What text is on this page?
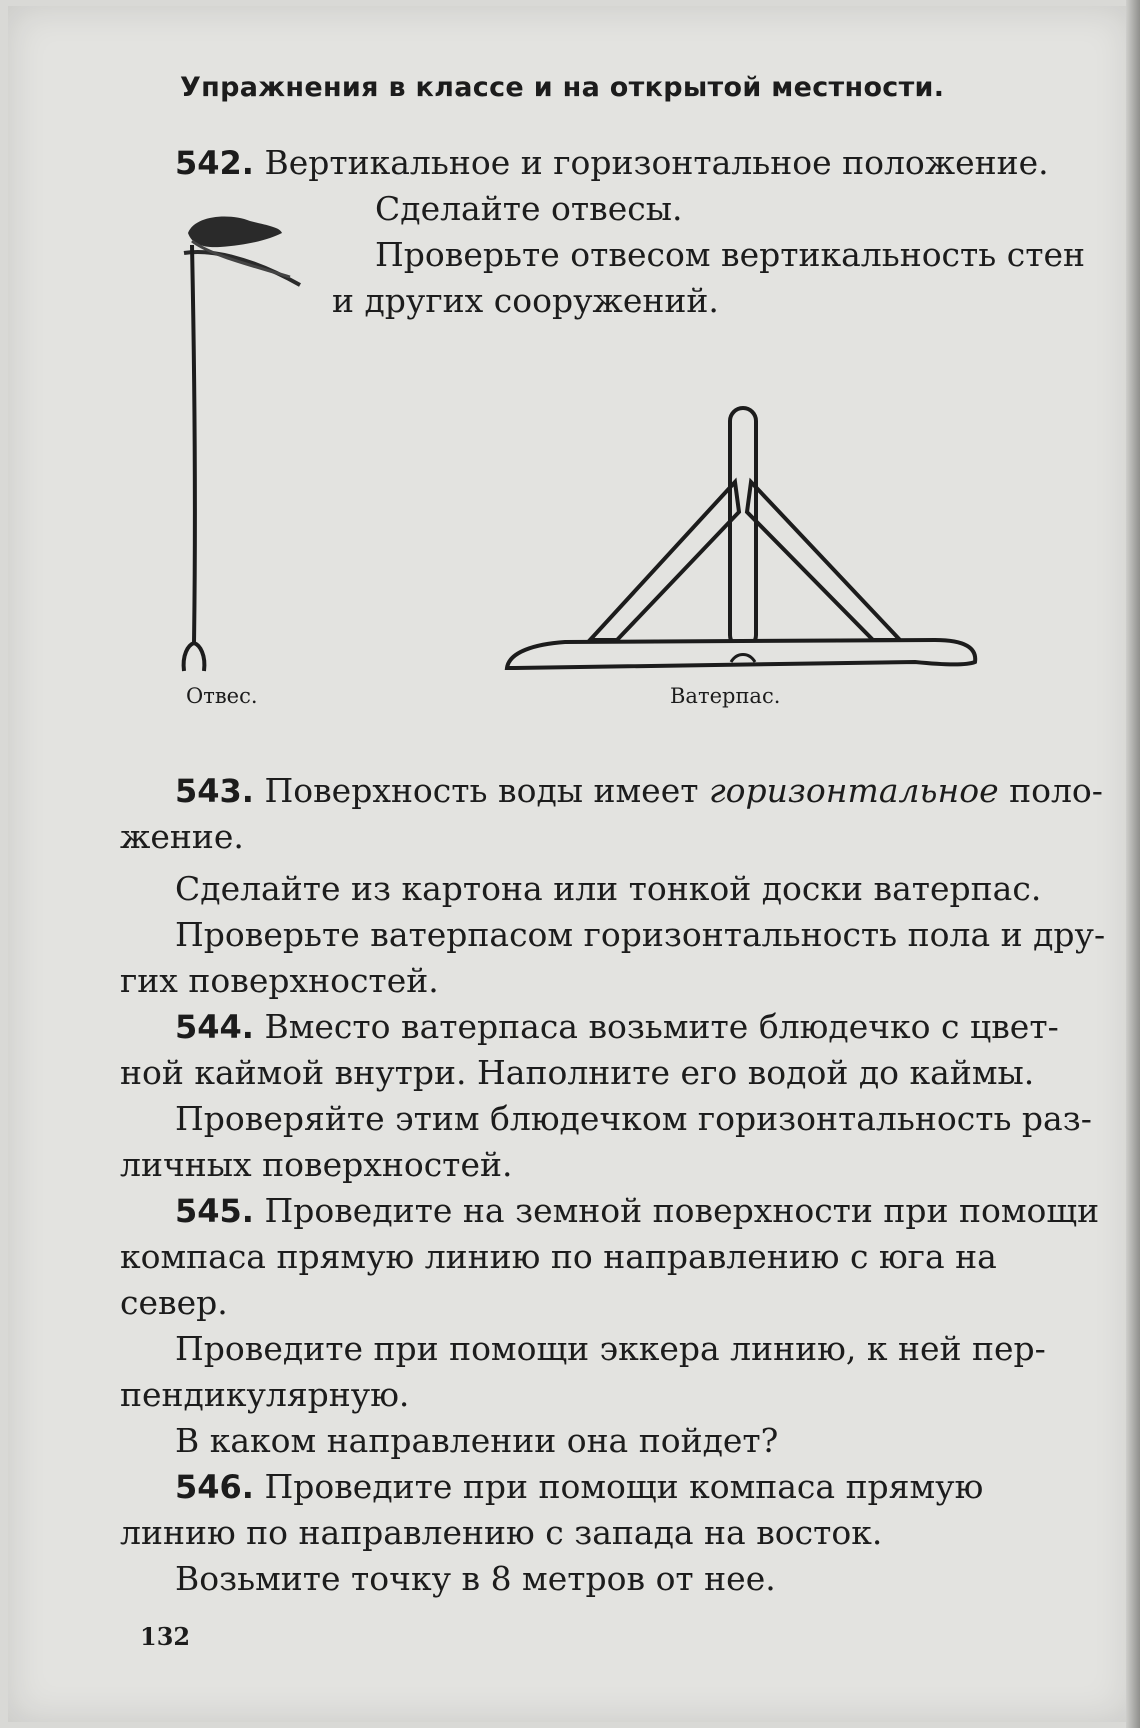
Упражнения в классе и на открытой местности.
542. Вертикальное и горизонтальное положение.
Сделайте отвесы.
Проверьте отвесом вертикальность стен
и других сооружений.
Отвес.	Ватерпас.
543. Поверхность воды имеет горизонтальное поло-
жение.
Сделайте из картона или тонкой доски ватерпас.
Проверьте ватерпасом горизонтальность пола и дру-
гих поверхностей.
544. Вместо ватерпаса возьмите блюдечко с цвет-
ной каймой внутри. Наполните его водой до каймы.
Проверяйте этим блюдечком горизонтальность раз-
личных поверхностей.
545. Проведите на земной поверхности при помощи
компаса прямую линию по направлению с юга на
север.
Проведите при помощи эккера линию, к ней пер-
пендикулярную.
В каком направлении она пойдет?
546. Проведите при помощи компаса прямую
линию по направлению с запада на восток.
Возьмите точку в 8 метров от нее.
132
